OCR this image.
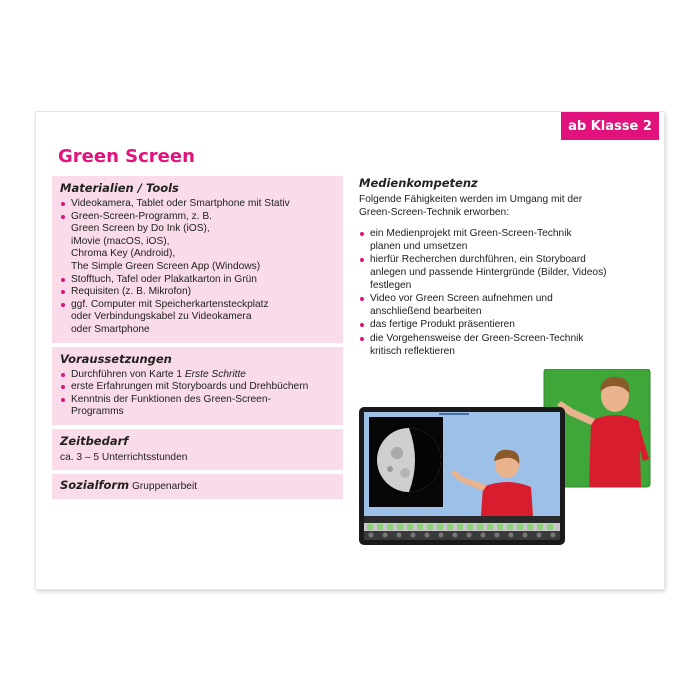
ab Klasse 2
Green Screen
Materialien / Tools
Videokamera, Tablet oder Smartphone mit Stativ
Green-Screen-Programm, z. B.
Green Screen by Do Ink (iOS),
iMovie (macOS, iOS),
Chroma Key (Android),
The Simple Green Screen App (Windows)
Stofftuch, Tafel oder Plakatkarton in Grün
Requisiten (z. B. Mikrofon)
ggf. Computer mit Speicherkartensteckplatz
oder Verbindungskabel zu Videokamera
oder Smartphone
Voraussetzungen
Durchführen von Karte 1 Erste Schritte
erste Erfahrungen mit Storyboards und Drehbüchern
Kenntnis der Funktionen des Green-Screen-
Programms
Zeitbedarf

ca. 3 – 5 Unterrichtsstunden

Sozialform Gruppenarbeit

Medienkompetenz

Folgende Fähigkeiten werden im Umgang mit der
Green-Screen-Technik erworben:

ein Medienprojekt mit Green-Screen-Technik
planen und umsetzen
hierfür Recherchen durchführen, ein Storyboard
anlegen und passende Hintergründe (Bilder, Videos)
festlegen
Video vor Green Screen aufnehmen und
anschließend bearbeiten
das fertige Produkt präsentieren
die Vorgehensweise der Green-Screen-Technik
kritisch reflektieren
